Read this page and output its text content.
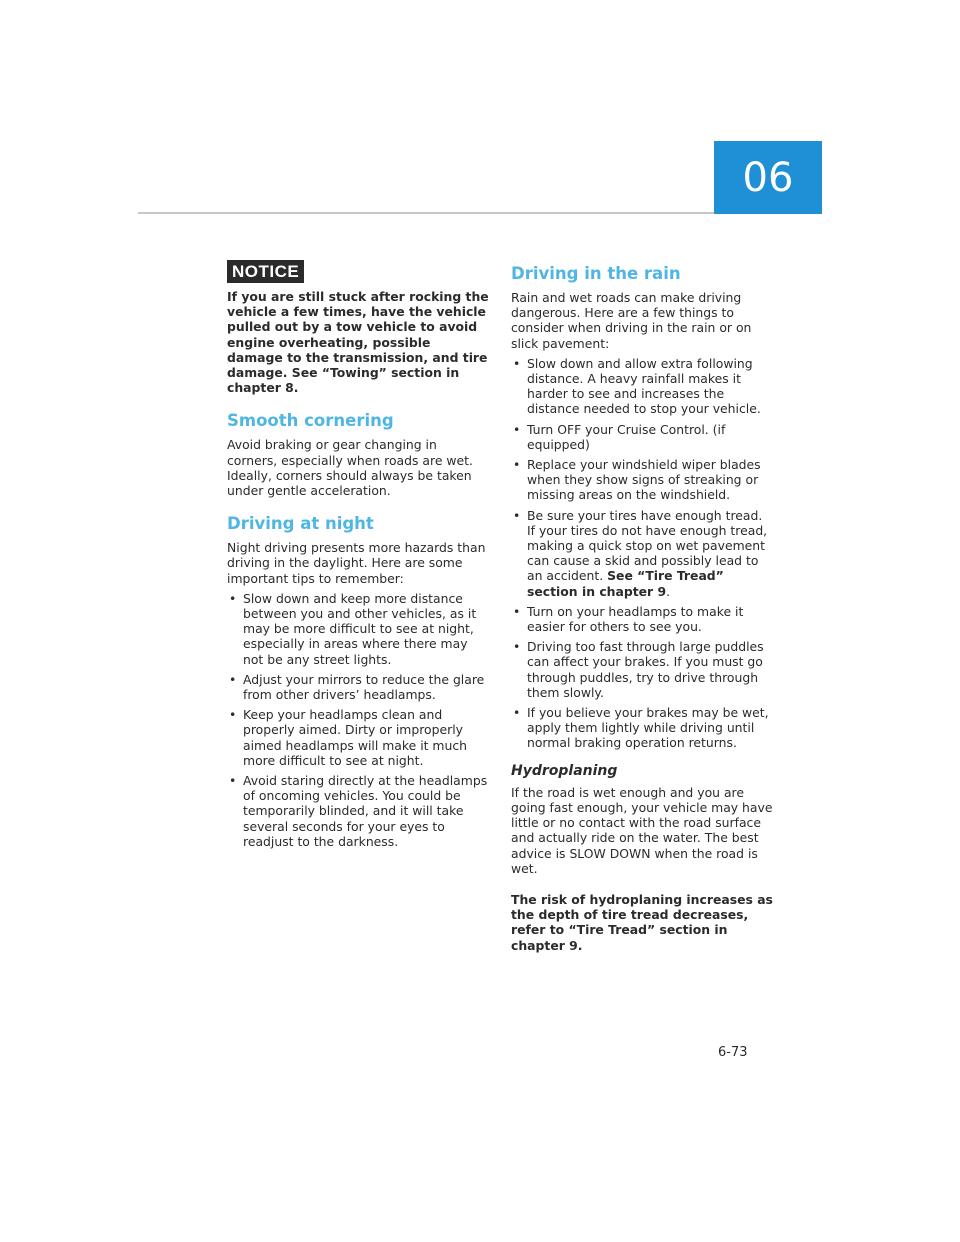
06
NOTICE

If you are still stuck after rocking the vehicle a few times, have the vehicle pulled out by a tow vehicle to avoid engine overheating, possible damage to the transmission, and tire damage. See “Towing” section in chapter 8.

Smooth cornering

Avoid braking or gear changing in corners, especially when roads are wet. Ideally, corners should always be taken under gentle acceleration.

Driving at night

Night driving presents more hazards than driving in the daylight. Here are some important tips to remember:

• Slow down and keep more distance between you and other vehicles, as it may be more difficult to see at night, especially in areas where there may not be any street lights.
• Adjust your mirrors to reduce the glare from other drivers’ headlamps.
• Keep your headlamps clean and properly aimed. Dirty or improperly aimed headlamps will make it much more difficult to see at night.
• Avoid staring directly at the headlamps of oncoming vehicles. You could be temporarily blinded, and it will take several seconds for your eyes to readjust to the darkness.
Driving in the rain

Rain and wet roads can make driving dangerous. Here are a few things to consider when driving in the rain or on slick pavement:

• Slow down and allow extra following distance. A heavy rainfall makes it harder to see and increases the distance needed to stop your vehicle.
• Turn OFF your Cruise Control. (if equipped)
• Replace your windshield wiper blades when they show signs of streaking or missing areas on the windshield.
• Be sure your tires have enough tread. If your tires do not have enough tread, making a quick stop on wet pavement can cause a skid and possibly lead to an accident. See “Tire Tread” section in chapter 9.
• Turn on your headlamps to make it easier for others to see you.
• Driving too fast through large puddles can affect your brakes. If you must go through puddles, try to drive through them slowly.
• If you believe your brakes may be wet, apply them lightly while driving until normal braking operation returns.
Hydroplaning

If the road is wet enough and you are going fast enough, your vehicle may have little or no contact with the road surface and actually ride on the water. The best advice is SLOW DOWN when the road is wet.

The risk of hydroplaning increases as the depth of tire tread decreases, refer to “Tire Tread” section in chapter 9.

6-73
